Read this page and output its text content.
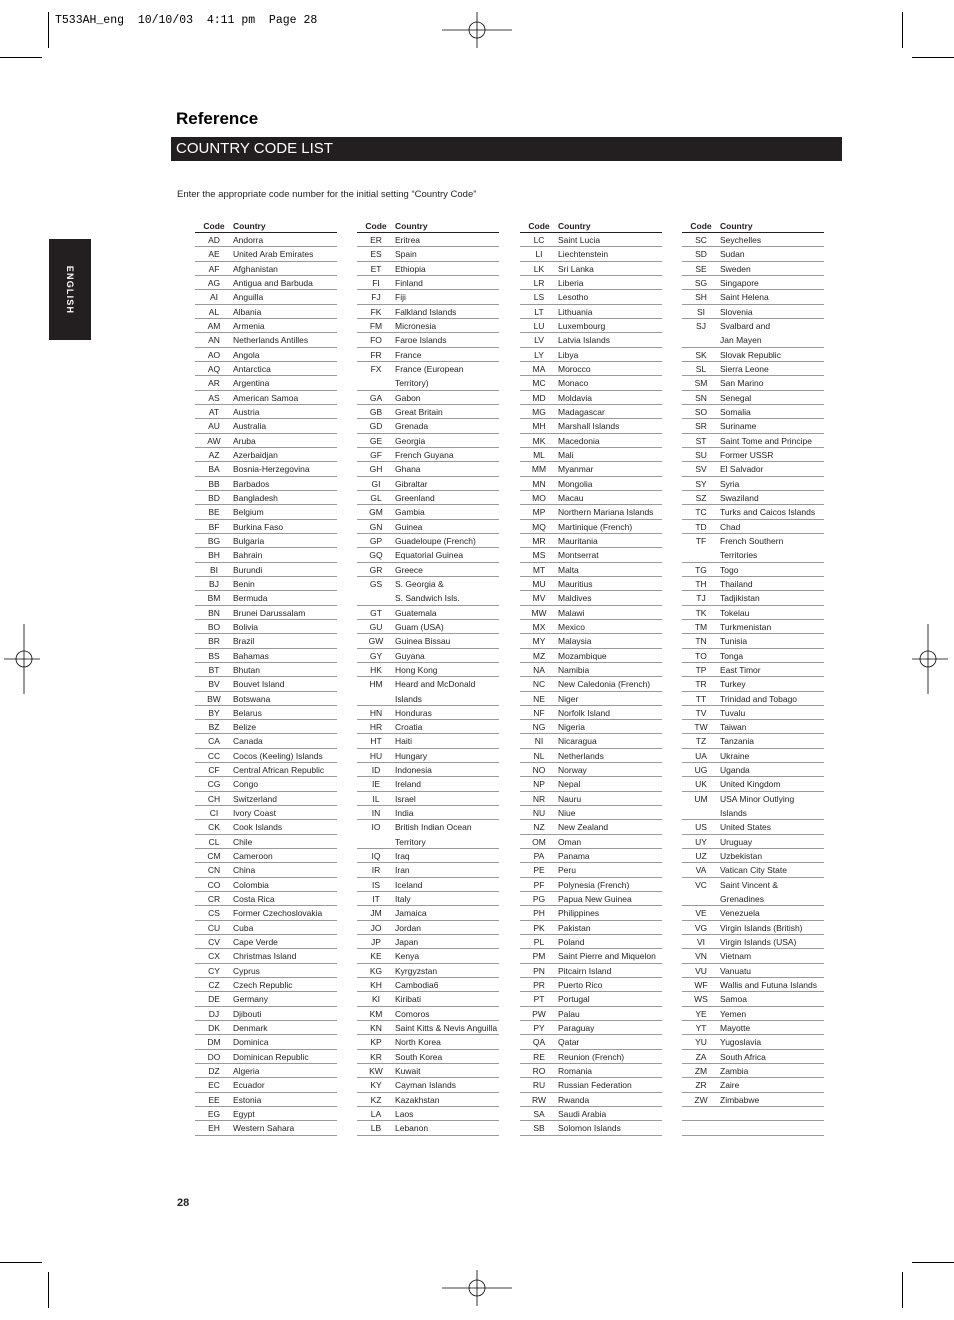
T533AH_eng  10/10/03  4:11 pm  Page 28
Reference
COUNTRY CODE LIST
ENGLISH
Enter the appropriate code number for the initial setting “Country Code”
Code Country
AD	Andorra
AE	United Arab Emirates
AF	Afghanistan
AG	Antigua and Barbuda
AI	Anguilla
AL	Albania
AM	Armenia
AN	Netherlands Antilles
AO	Angola
AQ	Antarctica
AR	Argentina
AS	American Samoa
AT	Austria
AU	Australia
AW	Aruba
AZ	Azerbaidjan
BA	Bosnia-Herzegovina
BB	Barbados
BD	Bangladesh
BE	Belgium
BF	Burkina Faso
BG	Bulgaria
BH	Bahrain
BI	Burundi
BJ	Benin
BM	Bermuda
BN	Brunei Darussalam
BO	Bolivia
BR	Brazil
BS	Bahamas
BT	Bhutan
BV	Bouvet Island
BW	Botswana
BY	Belarus
BZ	Belize
CA	Canada
CC	Cocos (Keeling) Islands
CF	Central African Republic
CG	Congo
CH	Switzerland
CI	Ivory Coast
CK	Cook Islands
CL	Chile
CM	Cameroon
CN	China
CO	Colombia
CR	Costa Rica
CS	Former Czechoslovakia
CU	Cuba
CV	Cape Verde
CX	Christmas Island
CY	Cyprus
CZ	Czech Republic
DE	Germany
DJ	Djibouti
DK	Denmark
DM	Dominica
DO	Dominican Republic
DZ	Algeria
EC	Ecuador
EE	Estonia
EG	Egypt
EH	Western Sahara
Code Country
ER	Eritrea
ES	Spain
ET	Ethiopia
FI	Finland
FJ	Fiji
FK	Falkland Islands
FM	Micronesia
FO	Faroe Islands
FR	France
FX	France (European
Territory)
GA	Gabon
GB	Great Britain
GD	Grenada
GE	Georgia
GF	French Guyana
GH	Ghana
GI	Gibraltar
GL	Greenland
GM	Gambia
GN	Guinea
GP	Guadeloupe (French)
GQ	Equatorial Guinea
GR	Greece
GS	S. Georgia &
S. Sandwich Isls.
GT	Guatemala
GU	Guam (USA)
GW	Guinea Bissau
GY	Guyana
HK	Hong Kong
HM	Heard and McDonald
Islands
HN	Honduras
HR	Croatia
HT	Haiti
HU	Hungary
ID	Indonesia
IE	Ireland
IL	Israel
IN	India
IO	British Indian Ocean
Territory
IQ	Iraq
IR	Iran
IS	Iceland
IT	Italy
JM	Jamaica
JO	Jordan
JP	Japan
KE	Kenya
KG	Kyrgyzstan
KH	Cambodia6
KI	Kiribati
KM	Comoros
KN	Saint Kitts & Nevis Anguilla
KP	North Korea
KR	South Korea
KW	Kuwait
KY	Cayman Islands
KZ	Kazakhstan
LA	Laos
LB	Lebanon
Code Country
LC	Saint Lucia
LI	Liechtenstein
LK	Sri Lanka
LR	Liberia
LS	Lesotho
LT	Lithuania
LU	Luxembourg
LV	Latvia Islands
LY	Libya
MA	Morocco
MC	Monaco
MD	Moldavia
MG	Madagascar
MH	Marshall Islands
MK	Macedonia
ML	Mali
MM	Myanmar
MN	Mongolia
MO	Macau
MP	Northern Mariana Islands
MQ	Martinique (French)
MR	Mauritania
MS	Montserrat
MT	Malta
MU	Mauritius
MV	Maldives
MW	Malawi
MX	Mexico
MY	Malaysia
MZ	Mozambique
NA	Namibia
NC	New Caledonia (French)
NE	Niger
NF	Norfolk Island
NG	Nigeria
NI	Nicaragua
NL	Netherlands
NO	Norway
NP	Nepal
NR	Nauru
NU	Niue
NZ	New Zealand
OM	Oman
PA	Panama
PE	Peru
PF	Polynesia (French)
PG	Papua New Guinea
PH	Philippines
PK	Pakistan
PL	Poland
PM	Saint Pierre and Miquelon
PN	Pitcairn Island
PR	Puerto Rico
PT	Portugal
PW	Palau
PY	Paraguay
QA	Qatar
RE	Reunion (French)
RO	Romania
RU	Russian Federation
RW	Rwanda
SA	Saudi Arabia
SB	Solomon Islands
Code Country
SC	Seychelles
SD	Sudan
SE	Sweden
SG	Singapore
SH	Saint Helena
SI	Slovenia
SJ	Svalbard and
Jan Mayen
SK	Slovak Republic
SL	Sierra Leone
SM	San Marino
SN	Senegal
SO	Somalia
SR	Suriname
ST	Saint Tome and Principe
SU	Former USSR
SV	El Salvador
SY	Syria
SZ	Swaziland
TC	Turks and Caicos Islands
TD	Chad
TF	French Southern
Territories
TG	Togo
TH	Thailand
TJ	Tadjikistan
TK	Tokelau
TM	Turkmenistan
TN	Tunisia
TO	Tonga
TP	East Timor
TR	Turkey
TT	Trinidad and Tobago
TV	Tuvalu
TW	Taiwan
TZ	Tanzania
UA	Ukraine
UG	Uganda
UK	United Kingdom
UM	USA Minor Outlying
Islands
US	United States
UY	Uruguay
UZ	Uzbekistan
VA	Vatican City State
VC	Saint Vincent &
Grenadines
VE	Venezuela
VG	Virgin Islands (British)
VI	Virgin Islands (USA)
VN	Vietnam
VU	Vanuatu
WF	Wallis and Futuna Islands
WS	Samoa
YE	Yemen
YT	Mayotte
YU	Yugoslavia
ZA	South Africa
ZM	Zambia
ZR	Zaire
ZW	Zimbabwe
28
